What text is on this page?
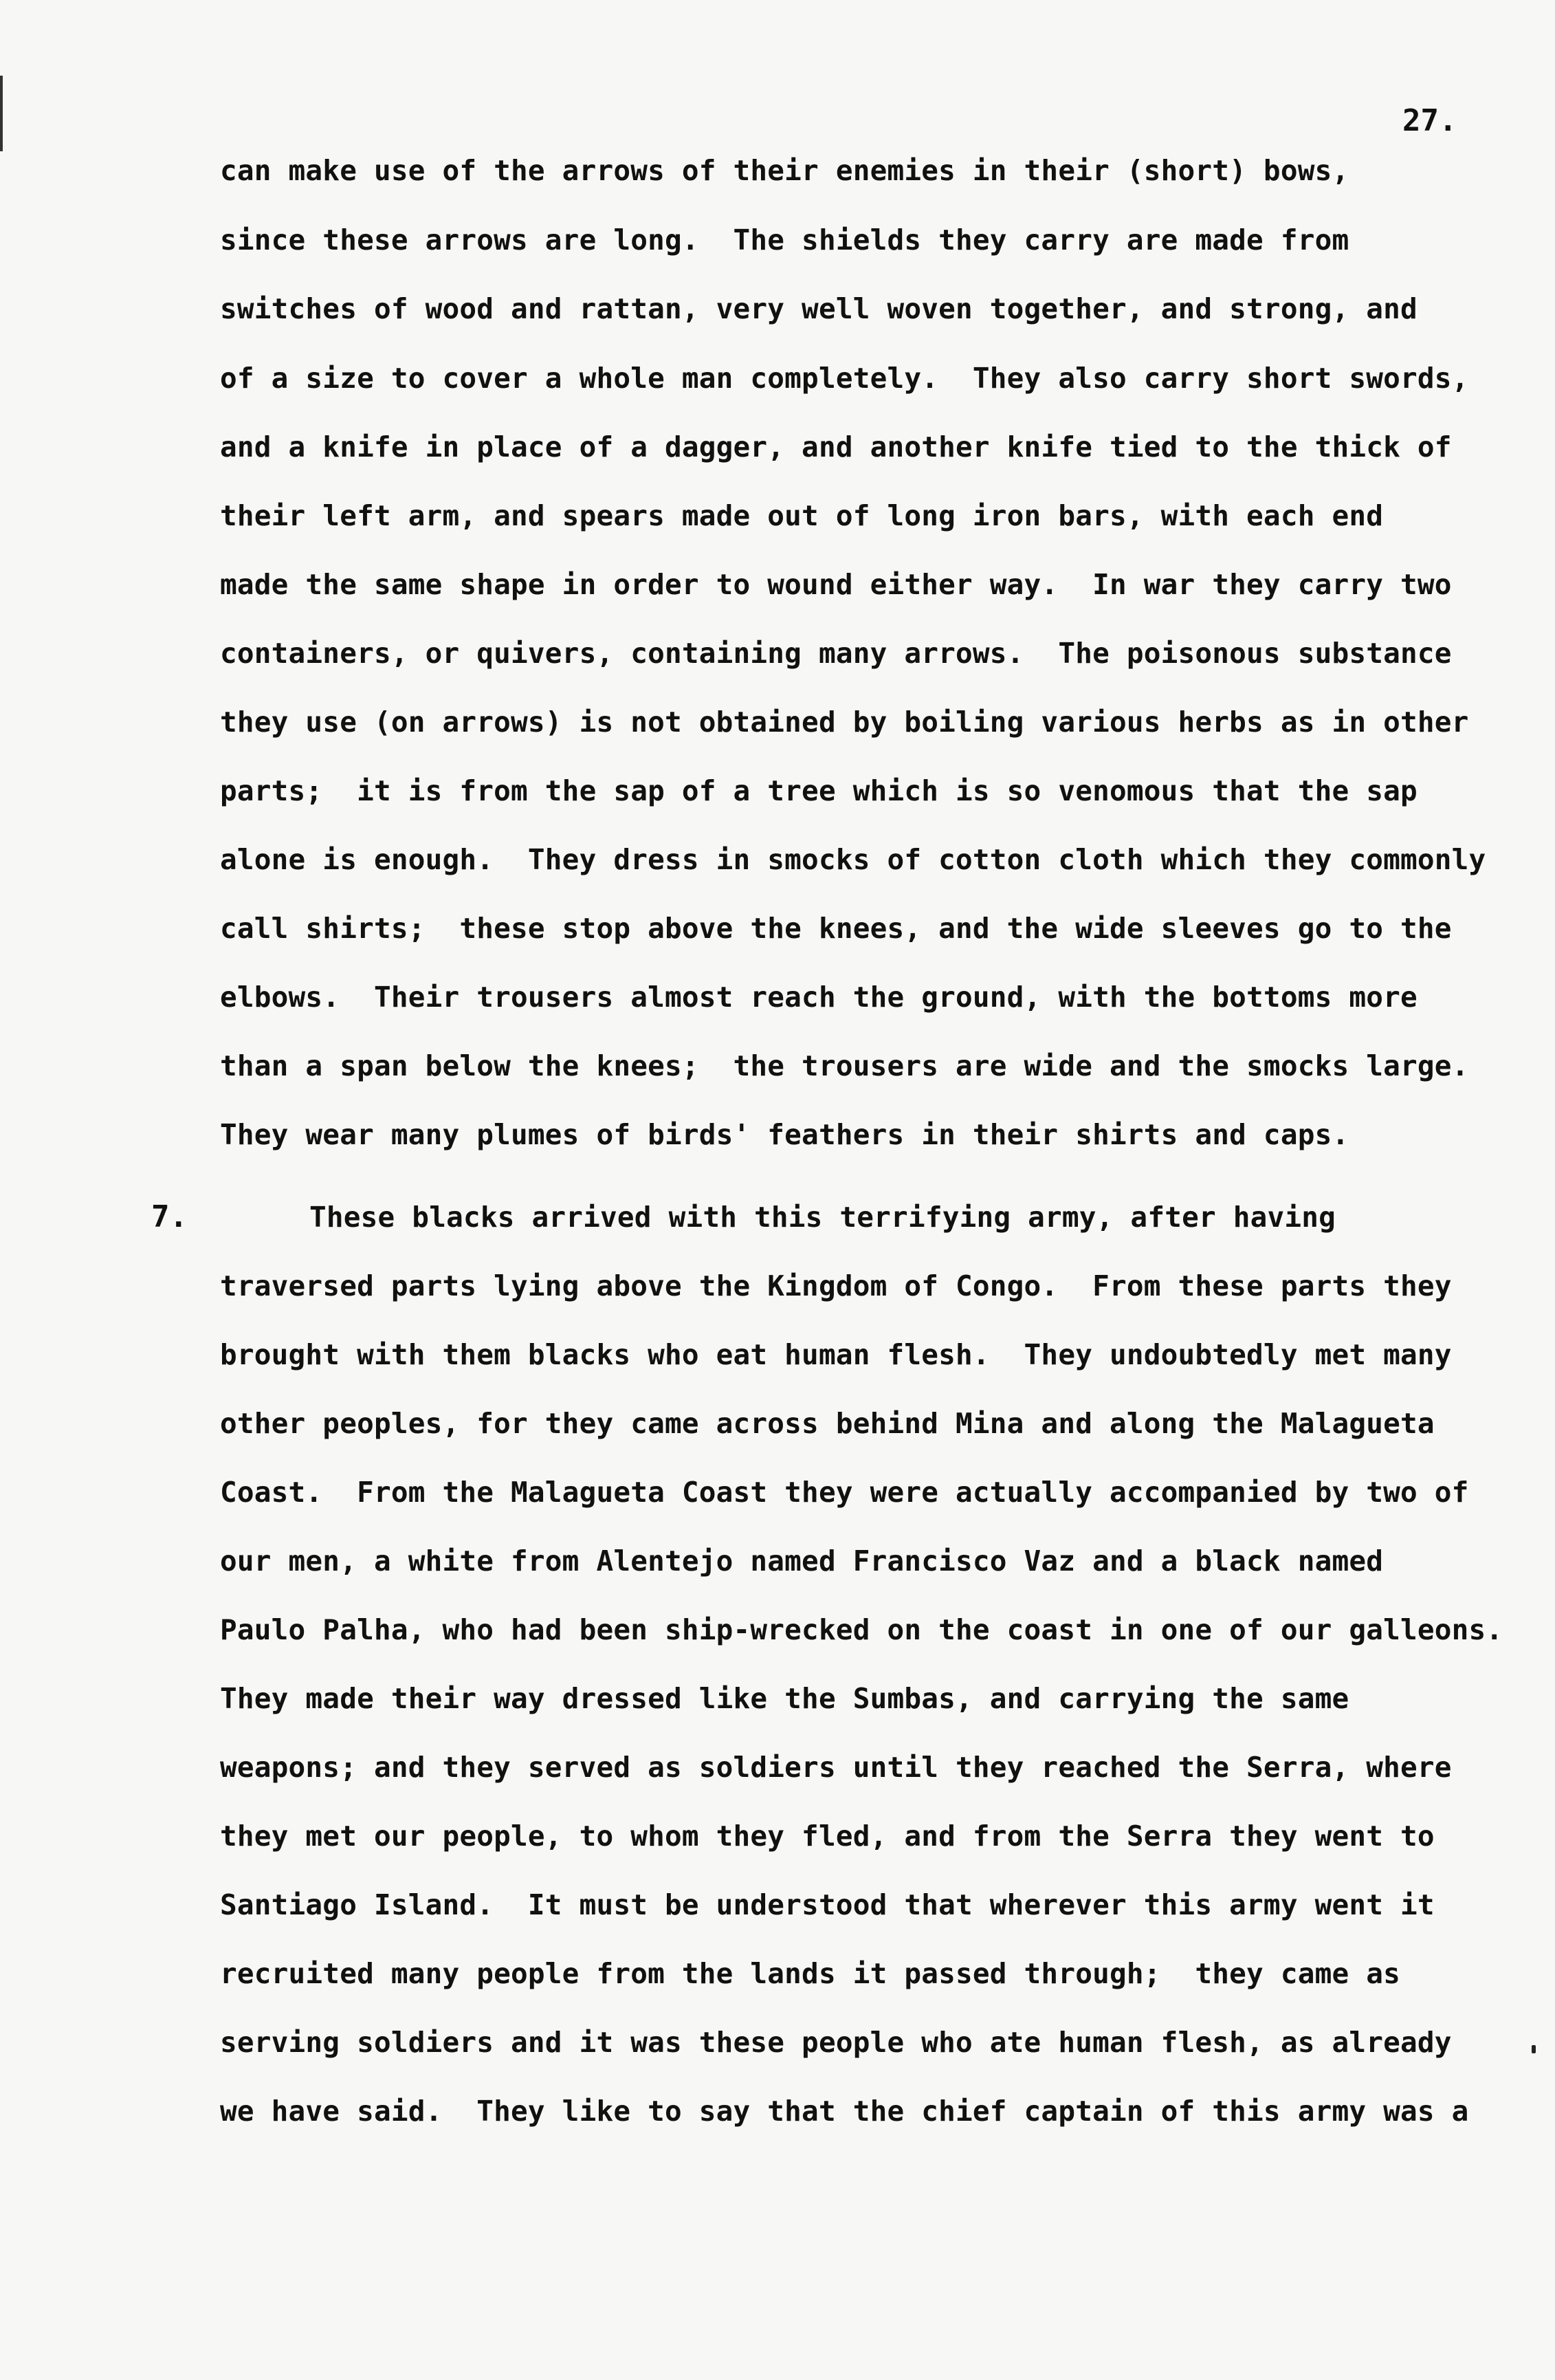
27.

can make use of the arrows of their enemies in their (short) bows,

since these arrows are long.  The shields they carry are made from

switches of wood and rattan, very well woven together, and strong, and

of a size to cover a whole man completely.  They also carry short swords,

and a knife in place of a dagger, and another knife tied to the thick of

their left arm, and spears made out of long iron bars, with each end

made the same shape in order to wound either way.  In war they carry two

containers, or quivers, containing many arrows.  The poisonous substance

they use (on arrows) is not obtained by boiling various herbs as in other

parts;  it is from the sap of a tree which is so venomous that the sap

alone is enough.  They dress in smocks of cotton cloth which they commonly

call shirts;  these stop above the knees, and the wide sleeves go to the

elbows.  Their trousers almost reach the ground, with the bottoms more

than a span below the knees;  the trousers are wide and the smocks large.

They wear many plumes of birds' feathers in their shirts and caps.

7.	These blacks arrived with this terrifying army, after having

traversed parts lying above the Kingdom of Congo.  From these parts they

brought with them blacks who eat human flesh.  They undoubtedly met many

other peoples, for they came across behind Mina and along the Malagueta

Coast.  From the Malagueta Coast they were actually accompanied by two of

our men, a white from Alentejo named Francisco Vaz and a black named

Paulo Palha, who had been ship-wrecked on the coast in one of our galleons.

They made their way dressed like the Sumbas, and carrying the same

weapons; and they served as soldiers until they reached the Serra, where

they met our people, to whom they fled, and from the Serra they went to

Santiago Island.  It must be understood that wherever this army went it

recruited many people from the lands it passed through;  they came as

serving soldiers and it was these people who ate human flesh, as already

we have said.  They like to say that the chief captain of this army was a
